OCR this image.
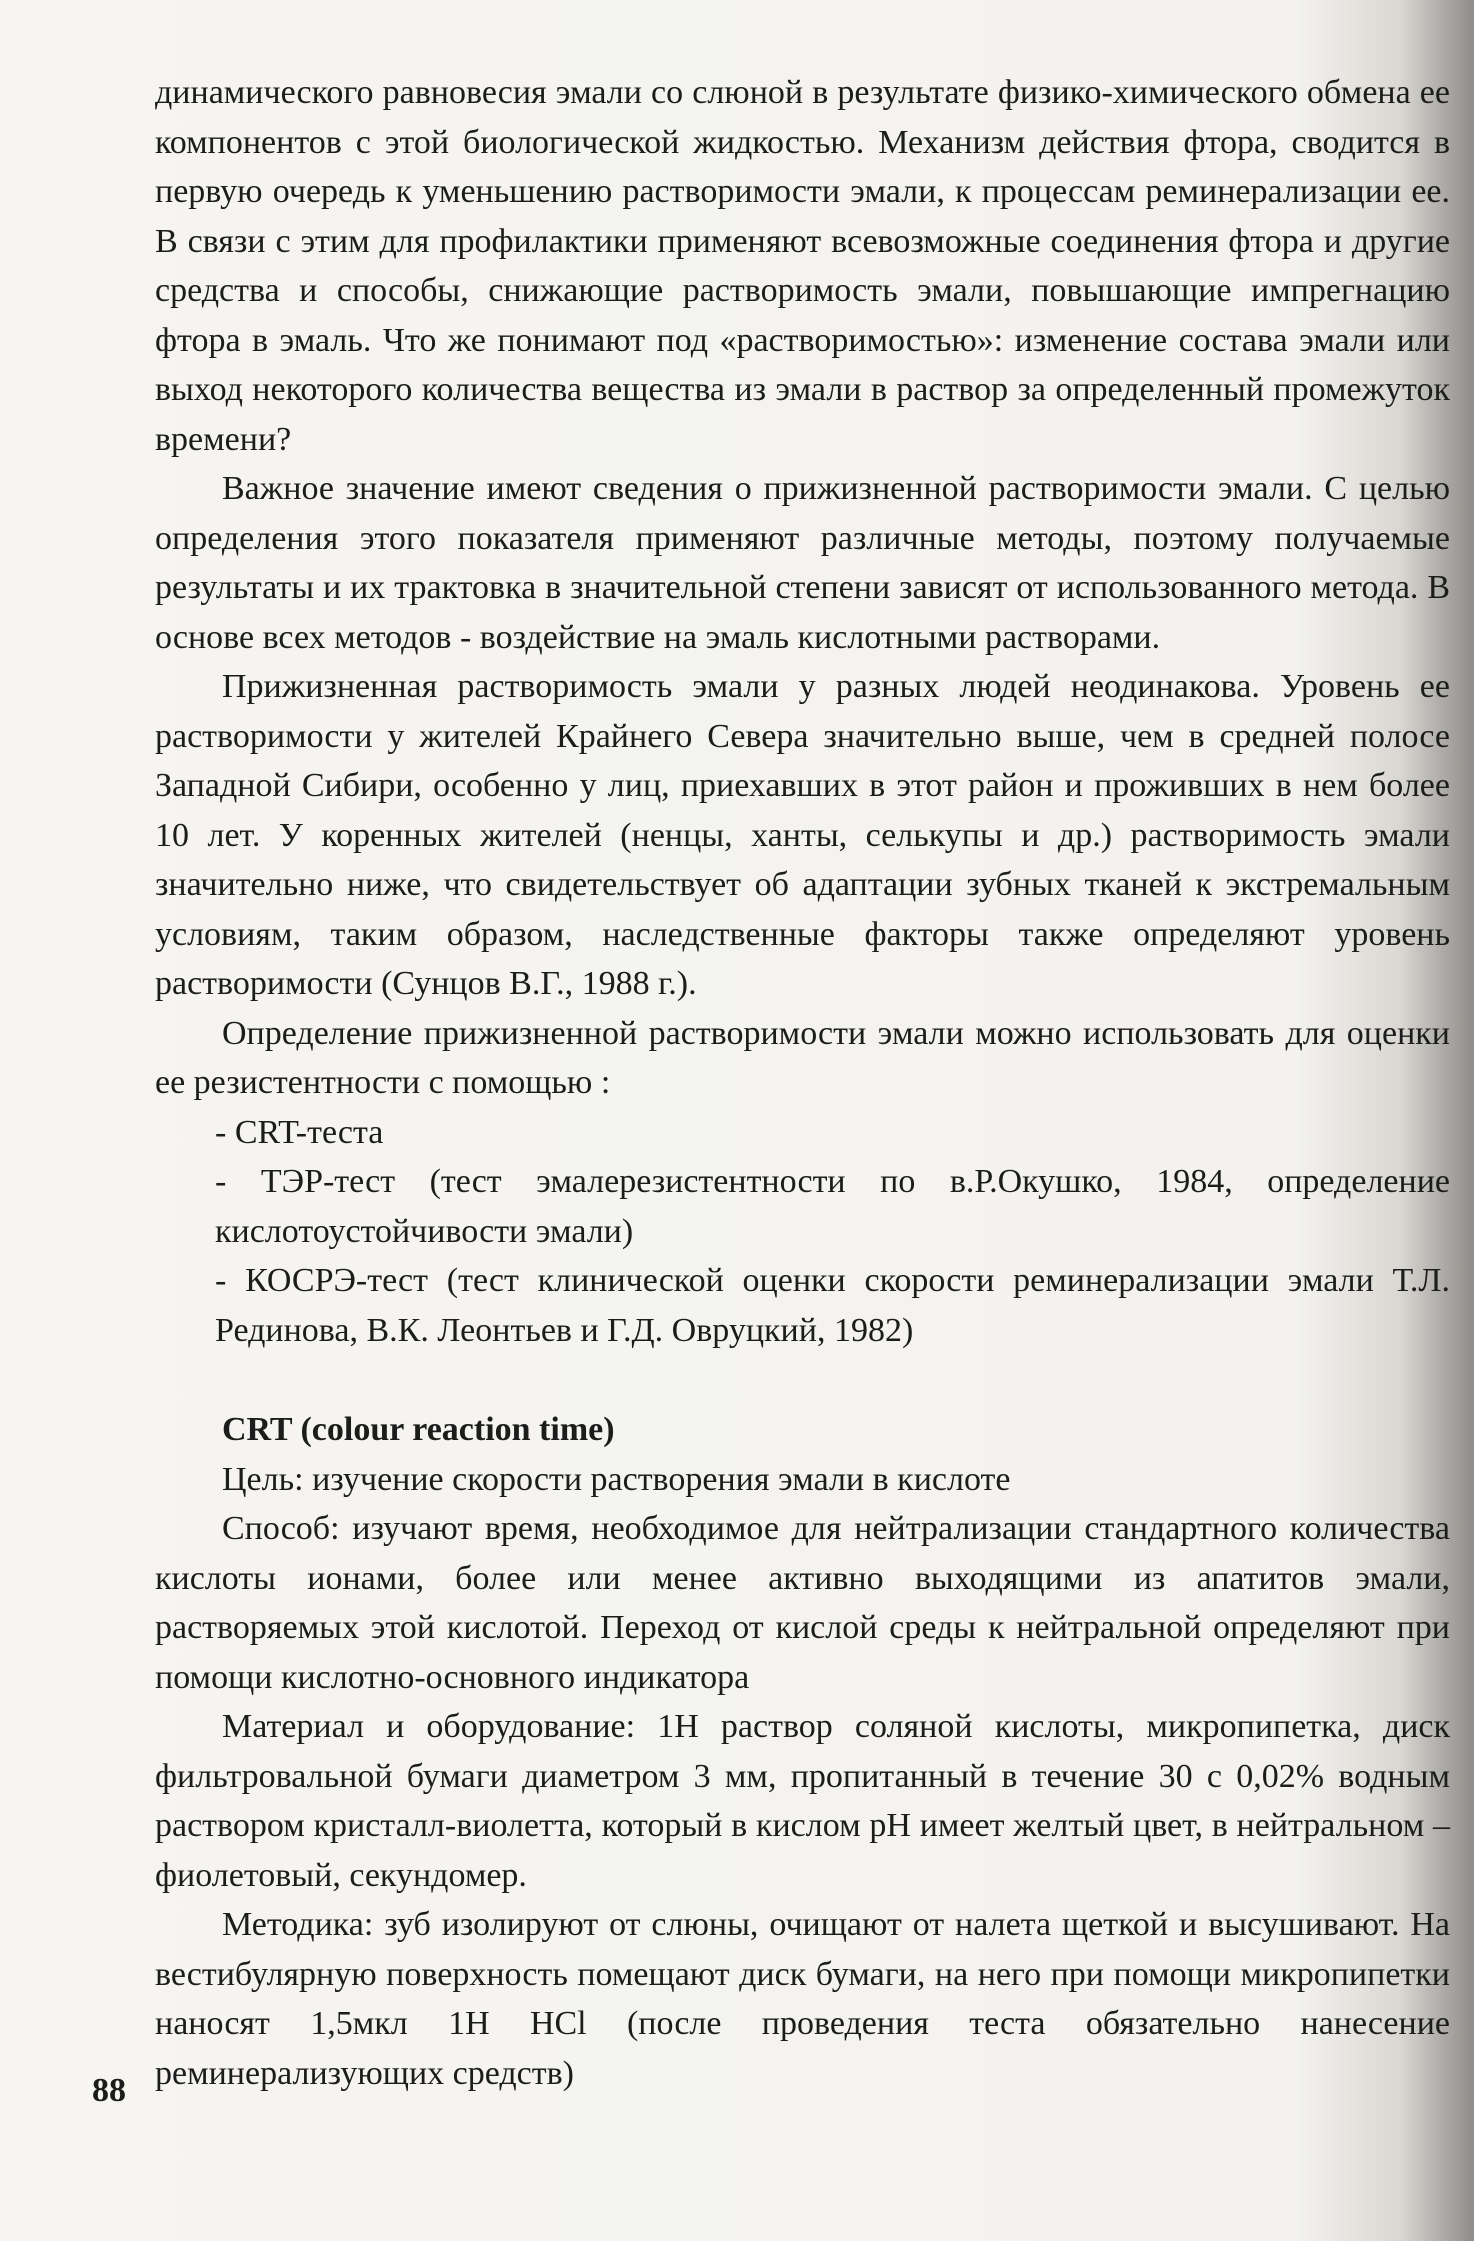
динамического равновесия эмали со слюной в результате физико-химического обмена ее компонентов с этой биологической жидкостью. Механизм действия фтора, сводится в первую очередь к уменьшению растворимости эмали, к процессам реминерализации ее. В связи с этим для профилактики применяют всевозможные соединения фтора и другие средства и способы, снижающие растворимость эмали, повышающие импрегнацию фтора в эмаль. Что же понимают под «растворимостью»: изменение состава эмали или выход некоторого количества вещества из эмали в раствор за определенный промежуток времени?

Важное значение имеют сведения о прижизненной растворимости эмали. С целью определения этого показателя применяют различные методы, поэтому получаемые результаты и их трактовка в значительной степени зависят от использованного метода. В основе всех методов - воздействие на эмаль кислотными растворами.

Прижизненная растворимость эмали у разных людей неодинакова. Уровень ее растворимости у жителей Крайнего Севера значительно выше, чем в средней полосе Западной Сибири, особенно у лиц, приехавших в этот район и проживших в нем более 10 лет. У коренных жителей (ненцы, ханты, селькупы и др.) растворимость эмали значительно ниже, что свидетельствует об адаптации зубных тканей к экстремальным условиям, таким образом, наследственные факторы также определяют уровень растворимости (Сунцов В.Г., 1988 г.).

Определение прижизненной растворимости эмали можно использовать для оценки ее резистентности с помощью :

- CRT-теста

- ТЭР-тест (тест эмалерезистентности по в.Р.Окушко, 1984, определение кислотоустойчивости эмали)

- КОСРЭ-тест (тест клинической оценки скорости реминерализации эмали Т.Л. Рединова, В.К. Леонтьев и Г.Д. Овруцкий, 1982)

CRT (colour reaction time)

Цель: изучение скорости растворения эмали в кислоте

Способ: изучают время, необходимое для нейтрализации стандартного количества кислоты ионами, более или менее активно выходящими из апатитов эмали, растворяемых этой кислотой. Переход от кислой среды к нейтральной определяют при помощи кислотно-основного индикатора

Материал и оборудование: 1Н раствор соляной кислоты, микропипетка, диск фильтровальной бумаги диаметром 3 мм, пропитанный в течение 30 с 0,02% водным раствором кристалл-виолетта, который в кислом pH имеет желтый цвет, в нейтральном – фиолетовый, секундомер.

Методика: зуб изолируют от слюны, очищают от налета щеткой и высушивают. На вестибулярную поверхность помещают диск бумаги, на него при помощи микропипетки наносят 1,5мкл 1Н HCl (после проведения теста обязательно нанесение реминерализующих средств)

88
